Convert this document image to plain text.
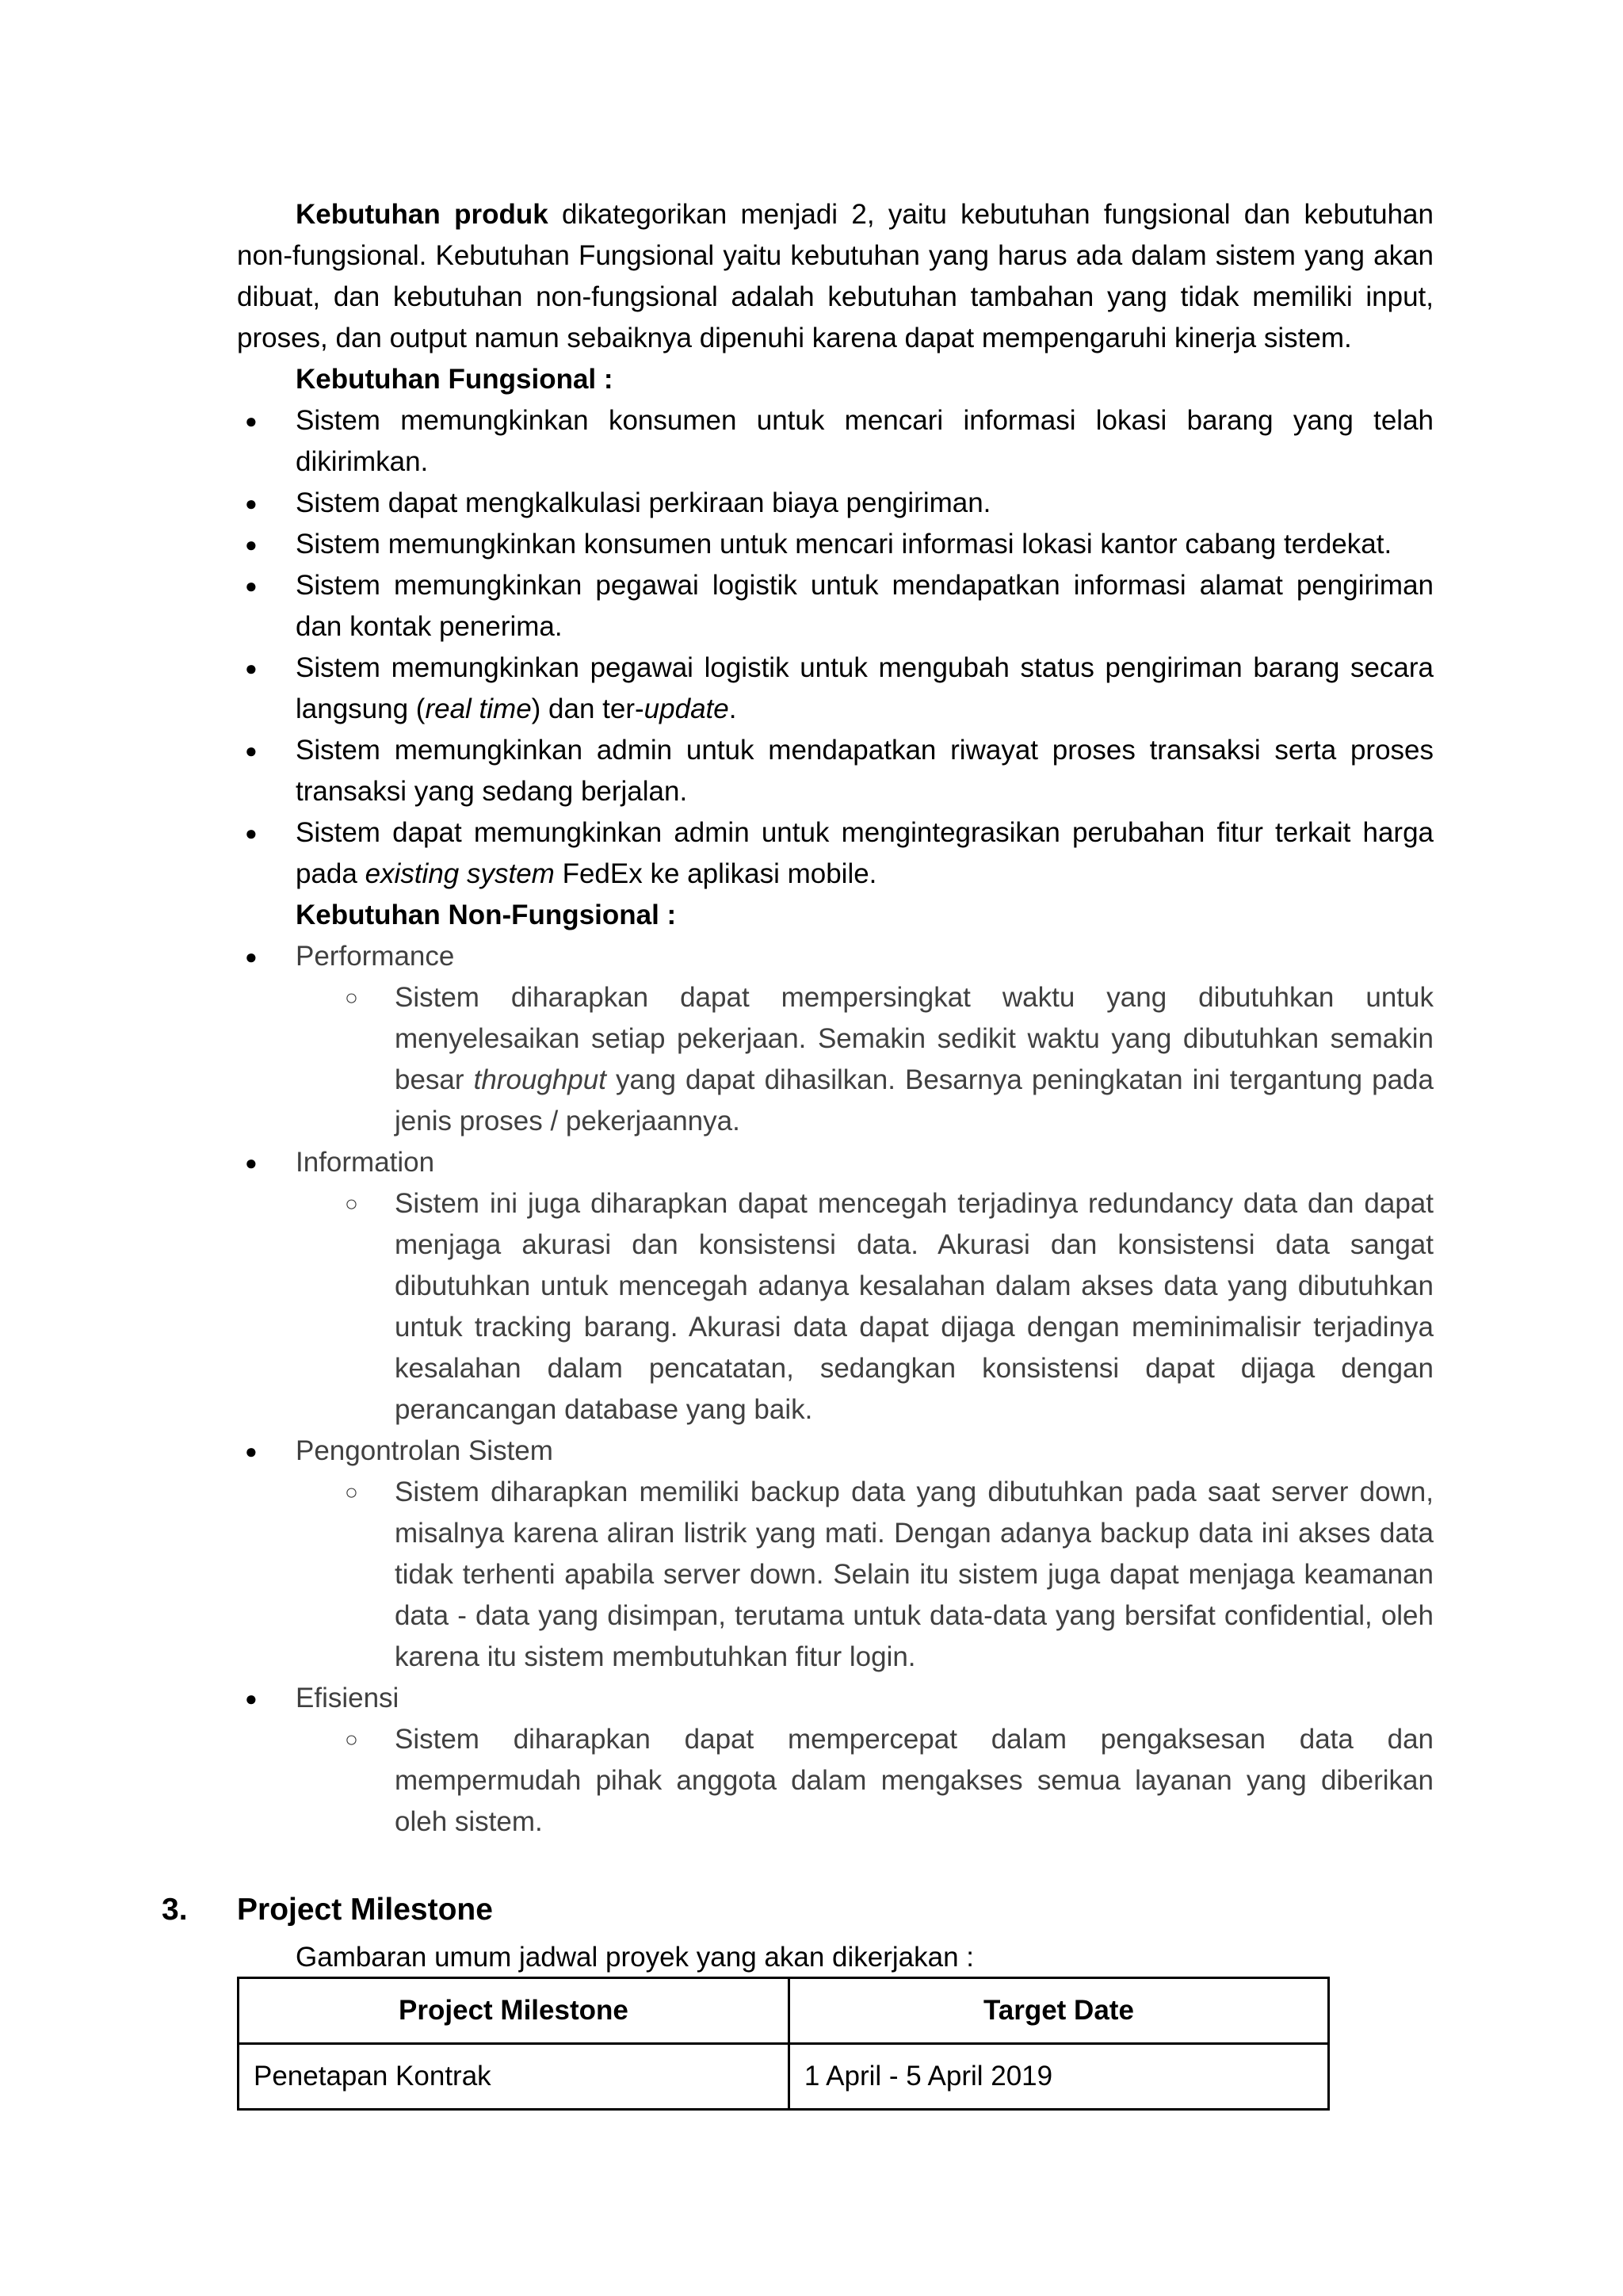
Kebutuhan produk dikategorikan menjadi 2, yaitu kebutuhan fungsional dan kebutuhan non-fungsional. Kebutuhan Fungsional yaitu kebutuhan yang harus ada dalam sistem yang akan dibuat, dan kebutuhan non-fungsional adalah kebutuhan tambahan yang tidak memiliki input, proses, dan output namun sebaiknya dipenuhi karena dapat mempengaruhi kinerja sistem.

Kebutuhan Fungsional :

● Sistem memungkinkan konsumen untuk mencari informasi lokasi barang yang telah dikirimkan.
● Sistem dapat mengkalkulasi perkiraan biaya pengiriman.
● Sistem memungkinkan konsumen untuk mencari informasi lokasi kantor cabang terdekat.
● Sistem memungkinkan pegawai logistik untuk mendapatkan informasi alamat pengiriman dan kontak penerima.
● Sistem memungkinkan pegawai logistik untuk mengubah status pengiriman barang secara langsung (real time) dan ter-update.
● Sistem memungkinkan admin untuk mendapatkan riwayat proses transaksi serta proses transaksi yang sedang berjalan.
● Sistem dapat memungkinkan admin untuk mengintegrasikan perubahan fitur terkait harga pada existing system FedEx ke aplikasi mobile.

Kebutuhan Non-Fungsional :

● Performance
○ Sistem diharapkan dapat mempersingkat waktu yang dibutuhkan untuk menyelesaikan setiap pekerjaan. Semakin sedikit waktu yang dibutuhkan semakin besar throughput yang dapat dihasilkan. Besarnya peningkatan ini tergantung pada jenis proses / pekerjaannya.
● Information
○ Sistem ini juga diharapkan dapat mencegah terjadinya redundancy data dan dapat menjaga akurasi dan konsistensi data. Akurasi dan konsistensi data sangat dibutuhkan untuk mencegah adanya kesalahan dalam akses data yang dibutuhkan untuk tracking barang. Akurasi data dapat dijaga dengan meminimalisir terjadinya kesalahan dalam pencatatan, sedangkan konsistensi dapat dijaga dengan perancangan database yang baik.
● Pengontrolan Sistem
○ Sistem diharapkan memiliki backup data yang dibutuhkan pada saat server down, misalnya karena aliran listrik yang mati. Dengan adanya backup data ini akses data tidak terhenti apabila server down. Selain itu sistem juga dapat menjaga keamanan data - data yang disimpan, terutama untuk data-data yang bersifat confidential, oleh karena itu sistem membutuhkan fitur login.
● Efisiensi
○ Sistem diharapkan dapat mempercepat dalam pengaksesan data dan mempermudah pihak anggota dalam mengakses semua layanan yang diberikan oleh sistem.
3. Project Milestone
Gambaran umum jadwal proyek yang akan dikerjakan :
Project Milestone	Target Date
Penetapan Kontrak	1 April - 5 April 2019
